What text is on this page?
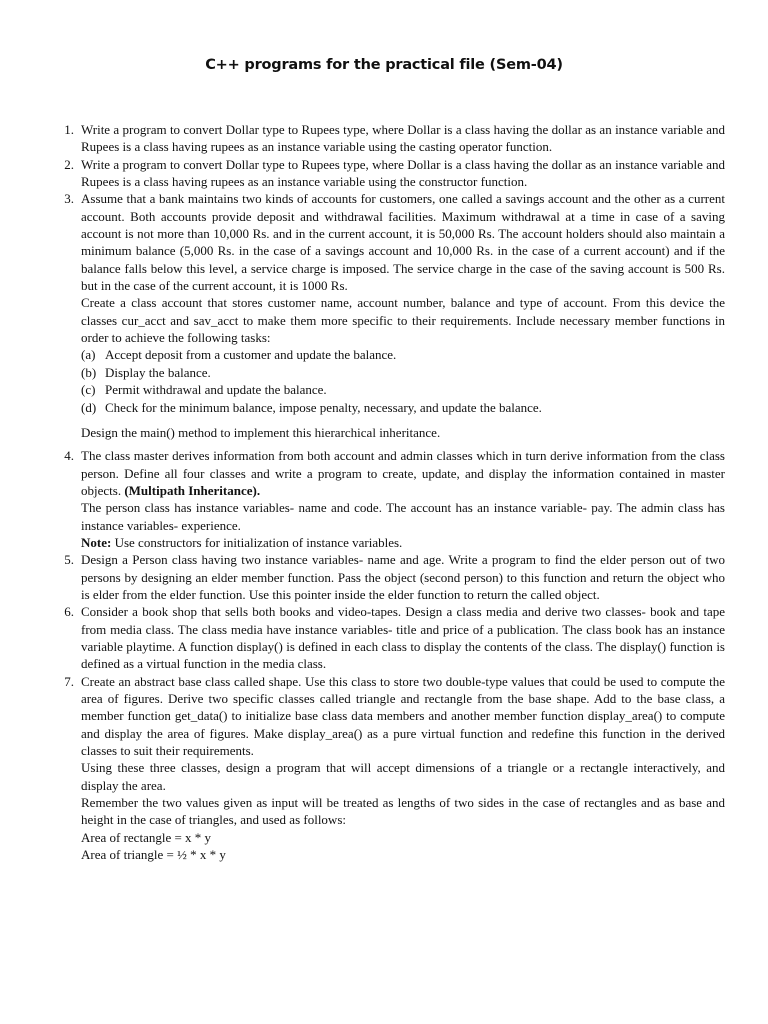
C++ programs for the practical file (Sem-04)
1. Write a program to convert Dollar type to Rupees type, where Dollar is a class having the dollar as an instance variable and Rupees is a class having rupees as an instance variable using the casting operator function.

2. Write a program to convert Dollar type to Rupees type, where Dollar is a class having the dollar as an instance variable and Rupees is a class having rupees as an instance variable using the constructor function.

3. Assume that a bank maintains two kinds of accounts for customers, one called a savings account and the other as a current account. Both accounts provide deposit and withdrawal facilities. Maximum withdrawal at a time in case of a saving account is not more than 10,000 Rs. and in the current account, it is 50,000 Rs. The account holders should also maintain a minimum balance (5,000 Rs. in the case of a savings account and 10,000 Rs. in the case of a current account) and if the balance falls below this level, a service charge is imposed. The service charge in the case of the saving account is 500 Rs. but in the case of the current account, it is 1000 Rs.

Create a class account that stores customer name, account number, balance and type of account. From this device the classes cur_acct and sav_acct to make them more specific to their requirements. Include necessary member functions in order to achieve the following tasks:

(a) Accept deposit from a customer and update the balance.
(b) Display the balance.
(c) Permit withdrawal and update the balance.
(d) Check for the minimum balance, impose penalty, necessary, and update the balance.

Design the main() method to implement this hierarchical inheritance.

4. The class master derives information from both account and admin classes which in turn derive information from the class person. Define all four classes and write a program to create, update, and display the information contained in master objects. (Multipath Inheritance).

The person class has instance variables- name and code. The account has an instance variable- pay. The admin class has instance variables- experience.

Note: Use constructors for initialization of instance variables.

5. Design a Person class having two instance variables- name and age. Write a program to find the elder person out of two persons by designing an elder member function. Pass the object (second person) to this function and return the object who is elder from the elder function. Use this pointer inside the elder function to return the called object.

6. Consider a book shop that sells both books and video-tapes. Design a class media and derive two classes- book and tape from media class. The class media have instance variables- title and price of a publication. The class book has an instance variable playtime. A function display() is defined in each class to display the contents of the class. The display() function is defined as a virtual function in the media class.

7. Create an abstract base class called shape. Use this class to store two double-type values that could be used to compute the area of figures. Derive two specific classes called triangle and rectangle from the base shape. Add to the base class, a member function get_data() to initialize base class data members and another member function display_area() to compute and display the area of figures. Make display_area() as a pure virtual function and redefine this function in the derived classes to suit their requirements.

Using these three classes, design a program that will accept dimensions of a triangle or a rectangle interactively, and display the area.

Remember the two values given as input will be treated as lengths of two sides in the case of rectangles and as base and height in the case of triangles, and used as follows:

Area of rectangle = x * y
Area of triangle = ½ * x * y
